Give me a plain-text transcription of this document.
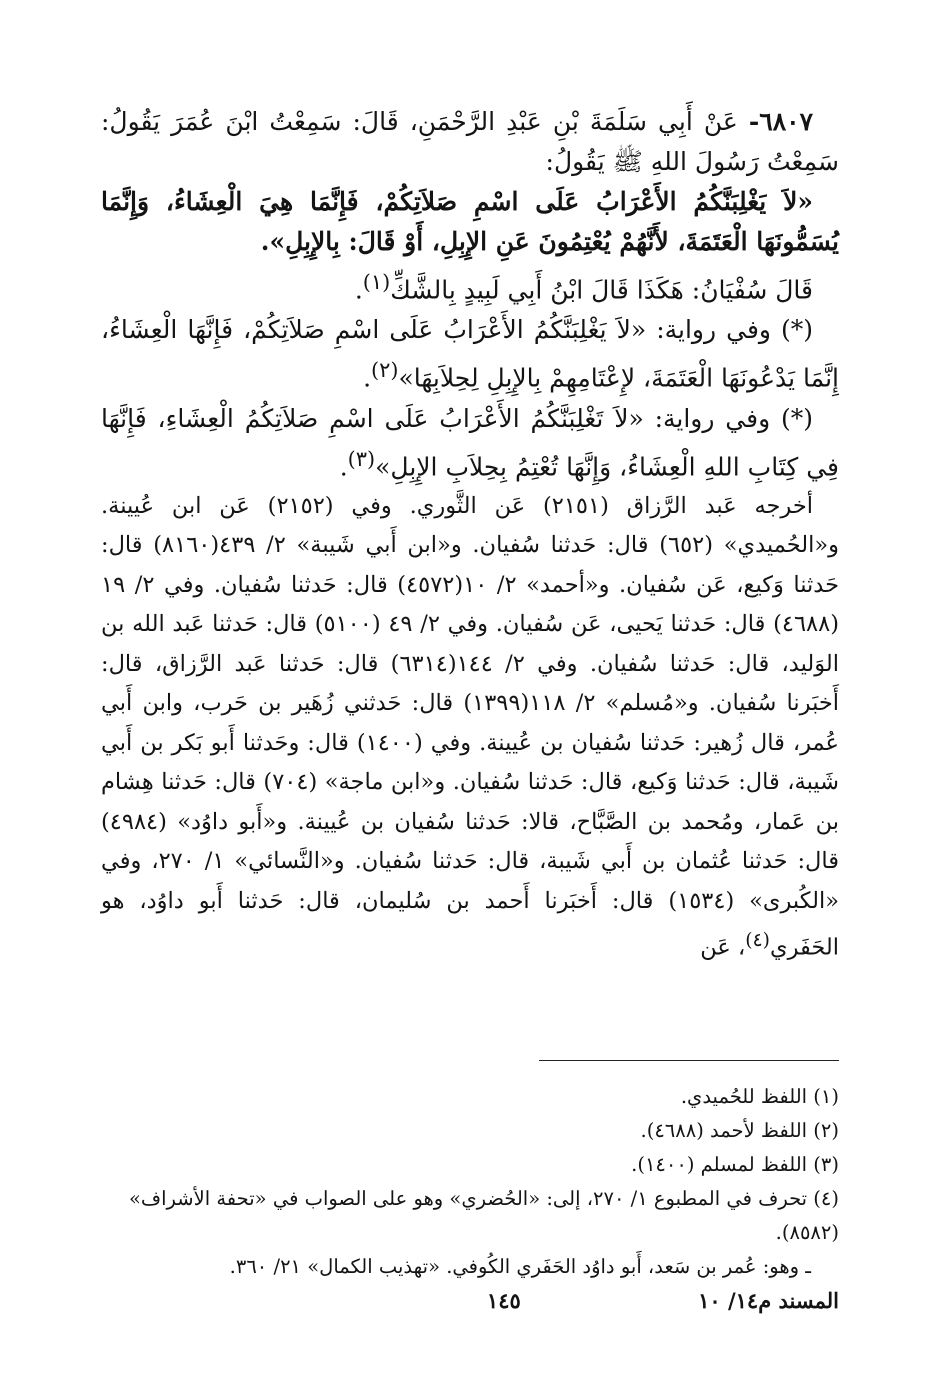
٦٨٠٧- عَنْ أَبِي سَلَمَةَ بْنِ عَبْدِ الرَّحْمَنِ، قَالَ: سَمِعْتُ ابْنَ عُمَرَ يَقُولُ: سَمِعْتُ رَسُولَ اللهِ ﷺ يَقُولُ:

«لاَ يَغْلِبَنَّكُمُ الأَعْرَابُ عَلَى اسْمِ صَلاَتِكُمْ، فَإِنَّمَا هِيَ الْعِشَاءُ، وَإِنَّمَا يُسَمُّونَهَا الْعَتَمَةَ، لأَنَّهُمْ يُعْتِمُونَ عَنِ الإِبِلِ، أَوْ قَالَ: بِالإِبِلِ».

قَالَ سُفْيَانُ: هَكَذَا قَالَ ابْنُ أَبِي لَبِيدٍ بِالشَّكِّ$^{(١)}$.

(*) وفي رواية: «لاَ يَغْلِبَنَّكُمُ الأَعْرَابُ عَلَى اسْمِ صَلاَتِكُمْ، فَإِنَّهَا الْعِشَاءُ، إِنَّمَا يَدْعُونَهَا الْعَتَمَةَ، لإِعْتَامِهِمْ بِالإِبِلِ لِحِلاَبِهَا»$^{(٢)}$.

(*) وفي رواية: «لاَ تَغْلِبَنَّكُمُ الأَعْرَابُ عَلَى اسْمِ صَلاَتِكُمُ الْعِشَاءِ، فَإِنَّهَا فِي كِتَابِ اللهِ الْعِشَاءُ، وَإِنَّهَا تُعْتِمُ بِحِلاَبِ الإِبِلِ»$^{(٣)}$.

أخرجه عَبد الرَّزاق (٢١٥١) عَن الثَّوري. وفي (٢١٥٢) عَن ابن عُيينة. و«الحُميدي» (٦٥٢) قال: حَدثنا سُفيان. و«ابن أَبي شَيبة» ٢/ ٤٣٩(٨١٦٠) قال: حَدثنا وَكيع، عَن سُفيان. و«أحمد» ٢/ ١٠(٤٥٧٢) قال: حَدثنا سُفيان. وفي ٢/ ١٩ (٤٦٨٨) قال: حَدثنا يَحيى، عَن سُفيان. وفي ٢/ ٤٩ (٥١٠٠) قال: حَدثنا عَبد الله بن الوَليد، قال: حَدثنا سُفيان. وفي ٢/ ١٤٤(٦٣١٤) قال: حَدثنا عَبد الرَّزاق، قال: أَخبَرنا سُفيان. و«مُسلم» ٢/ ١١٨(١٣٩٩) قال: حَدثني زُهَير بن حَرب، وابن أَبي عُمر، قال زُهير: حَدثنا سُفيان بن عُيينة. وفي (١٤٠٠) قال: وحَدثنا أَبو بَكر بن أَبي شَيبة، قال: حَدثنا وَكيع، قال: حَدثنا سُفيان. و«ابن ماجة» (٧٠٤) قال: حَدثنا هِشام بن عَمار، ومُحمد بن الصَّبَّاح، قالا: حَدثنا سُفيان بن عُيينة. و«أَبو داوُد» (٤٩٨٤) قال: حَدثنا عُثمان بن أَبي شَيبة، قال: حَدثنا سُفيان. و«النَّسائي» ١/ ٢٧٠، وفي «الكُبرى» (١٥٣٤) قال: أَخبَرنا أَحمد بن سُليمان، قال: حَدثنا أَبو داوُد، هو الحَفَري$^{(٤)}$، عَن

(١) اللفظ للحُميدي.

(٢) اللفظ لأحمد (٤٦٨٨).

(٣) اللفظ لمسلم (١٤٠٠).

(٤) تحرف في المطبوع ١/ ٢٧٠، إلى: «الحُضري» وهو على الصواب في «تحفة الأشراف» (٨٥٨٢).

ـ وهو: عُمر بن سَعد، أَبو داوُد الحَفَري الكُوفي. «تهذيب الكمال» ٢١/ ٣٦٠.

المسند م١٤/ ١٠
١٤٥
